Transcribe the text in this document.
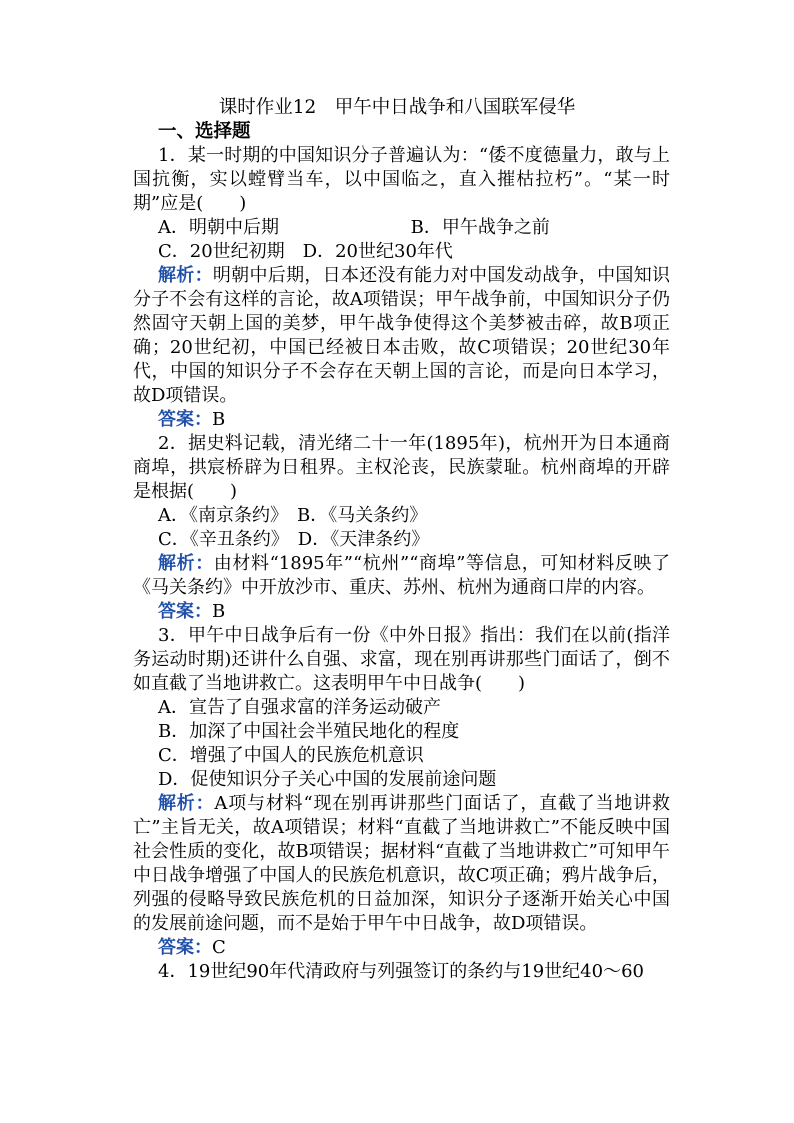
课时作业12　甲午中日战争和八国联军侵华
一、选择题

1．某一时期的中国知识分子普遍认为：“倭不度德量力，敢与上国抗衡，实以螳臂当车，以中国临之，直入摧枯拉朽”。“某一时期”应是(　　)

A．明朝中后期                       B．甲午战争之前

C．20世纪初期　D．20世纪30年代

解析：明朝中后期，日本还没有能力对中国发动战争，中国知识分子不会有这样的言论，故A项错误；甲午战争前，中国知识分子仍然固守天朝上国的美梦，甲午战争使得这个美梦被击碎，故B项正确；20世纪初，中国已经被日本击败，故C项错误；20世纪30年代，中国的知识分子不会存在天朝上国的言论，而是向日本学习，故D项错误。

答案：B

2．据史料记载，清光绪二十一年(1895年)，杭州开为日本通商商埠，拱宸桥辟为日租界。主权沦丧，民族蒙耻。杭州商埠的开辟是根据(　　)

A．《南京条约》　B．《马关条约》

C．《辛丑条约》　D．《天津条约》

解析：由材料“1895年”“杭州”“商埠”等信息，可知材料反映了《马关条约》中开放沙市、重庆、苏州、杭州为通商口岸的内容。

答案：B

3．甲午中日战争后有一份《中外日报》指出：我们在以前(指洋务运动时期)还讲什么自强、求富，现在别再讲那些门面话了，倒不如直截了当地讲救亡。这表明甲午中日战争(　　)

A．宣告了自强求富的洋务运动破产

B．加深了中国社会半殖民地化的程度

C．增强了中国人的民族危机意识

D．促使知识分子关心中国的发展前途问题

解析：A项与材料“现在别再讲那些门面话了，直截了当地讲救亡”主旨无关，故A项错误；材料“直截了当地讲救亡”不能反映中国社会性质的变化，故B项错误；据材料“直截了当地讲救亡”可知甲午中日战争增强了中国人的民族危机意识，故C项正确；鸦片战争后，列强的侵略导致民族危机的日益加深，知识分子逐渐开始关心中国的发展前途问题，而不是始于甲午中日战争，故D项错误。

答案：C

4．19世纪90年代清政府与列强签订的条约与19世纪40～60
